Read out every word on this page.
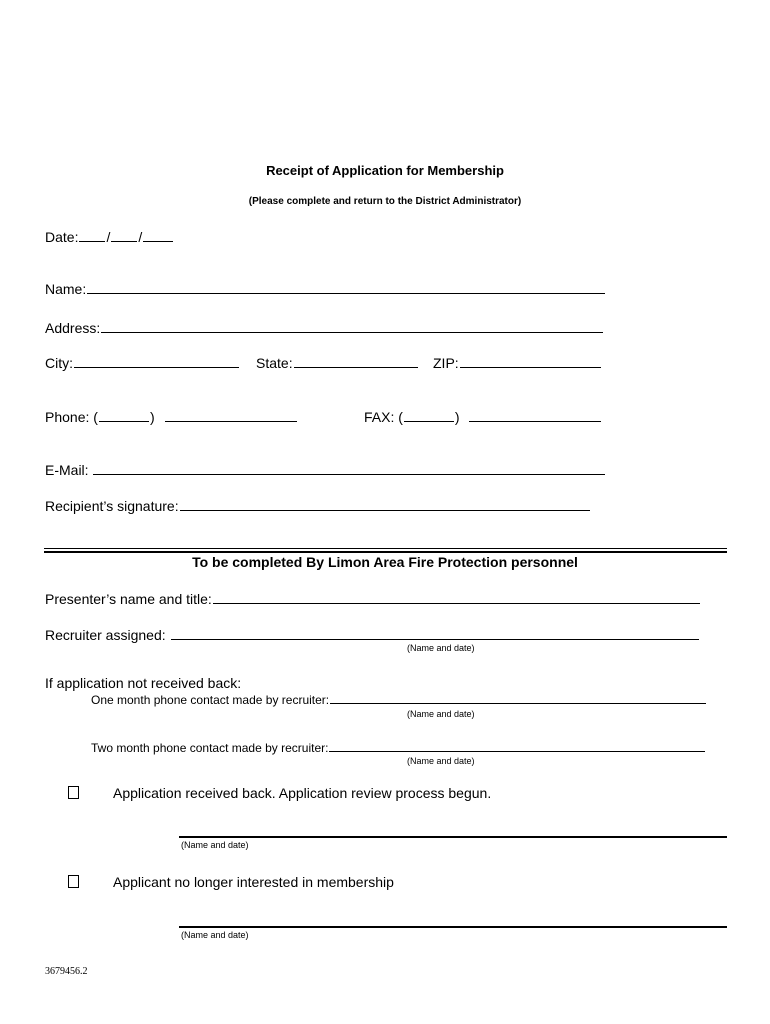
Receipt of Application for Membership
(Please complete and return to the District Administrator)
Date: / /
Name:
Address:
City:	State:	ZIP:
Phone: (	)	FAX: (	)
E-Mail:
Recipient’s signature:
To be completed By Limon Area Fire Protection personnel
Presenter’s name and title:
Recruiter assigned:
(Name and date)
If application not received back:
One month phone contact made by recruiter:
(Name and date)
Two month phone contact made by recruiter:
(Name and date)
Application received back. Application review process begun.
(Name and date)
Applicant no longer interested in membership
(Name and date)
3679456.2
